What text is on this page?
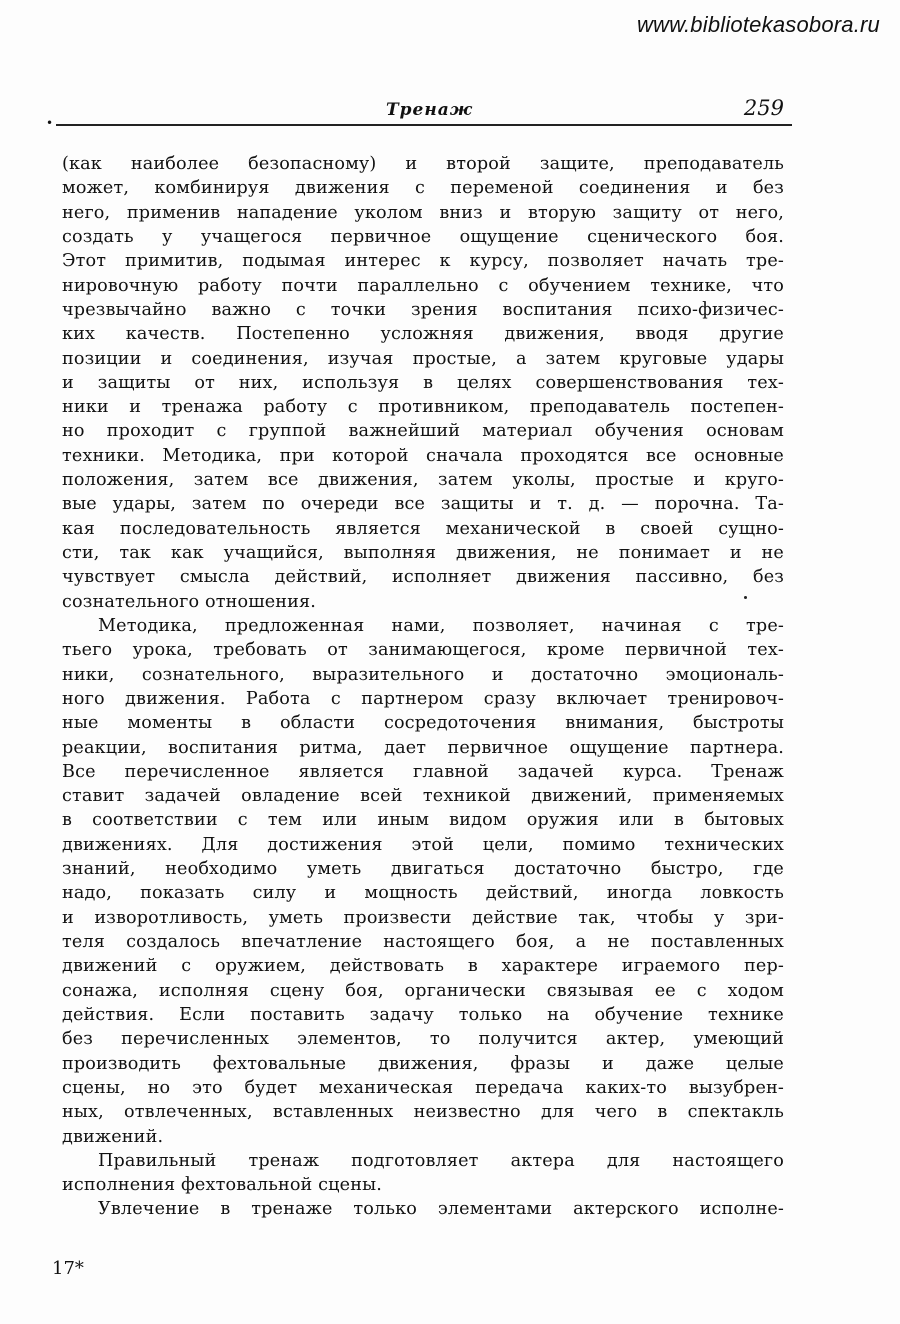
www.bibliotekasobora.ru
•
Тренаж	259
(как наиболее безопасному) и второй защите, преподаватель
может, комбинируя движения с переменой соединения и без
него, применив нападение уколом вниз и вторую защиту от него,
создать у учащегося первичное ощущение сценического боя.
Этот примитив, подымая интерес к курсу, позволяет начать тре-
нировочную работу почти параллельно с обучением технике, что
чрезвычайно важно с точки зрения воспитания психо-физичес-
ких качеств. Постепенно усложняя движения, вводя другие
позиции и соединения, изучая простые, а затем круговые удары
и защиты от них, используя в целях совершенствования тех-
ники и тренажа работу с противником, преподаватель постепен-
но проходит с группой важнейший материал обучения основам
техники. Методика, при которой сначала проходятся все основные
положения, затем все движения, затем уколы, простые и круго-
вые удары, затем по очереди все защиты и т. д. — порочна. Та-
кая последовательность является механической в своей сущно-
сти, так как учащийся, выполняя движения, не понимает и не
чувствует смысла действий, исполняет движения пассивно, без
сознательного отношения.
Методика, предложенная нами, позволяет, начиная с тре-
тьего урока, требовать от занимающегося, кроме первичной тех-
ники, сознательного, выразительного и достаточно эмоциональ-
ного движения. Работа с партнером сразу включает тренировоч-
ные моменты в области сосредоточения внимания, быстроты
реакции, воспитания ритма, дает первичное ощущение партнера.
Все перечисленное является главной задачей курса. Тренаж
ставит задачей овладение всей техникой движений, применяемых
в соответствии с тем или иным видом оружия или в бытовых
движениях. Для достижения этой цели, помимо технических
знаний, необходимо уметь двигаться достаточно быстро, где
надо, показать силу и мощность действий, иногда ловкость
и изворотливость, уметь произвести действие так, чтобы у зри-
теля создалось впечатление настоящего боя, а не поставленных
движений с оружием, действовать в характере играемого пер-
сонажа, исполняя сцену боя, органически связывая ее с ходом
действия. Если поставить задачу только на обучение технике
без перечисленных элементов, то получится актер, умеющий
производить фехтовальные движения, фразы и даже целые
сцены, но это будет механическая передача каких-то вызубрен-
ных, отвлеченных, вставленных неизвестно для чего в спектакль
движений.
Правильный тренаж подготовляет актера для настоящего
исполнения фехтовальной сцены.
Увлечение в тренаже только элементами актерского исполне-
17*
